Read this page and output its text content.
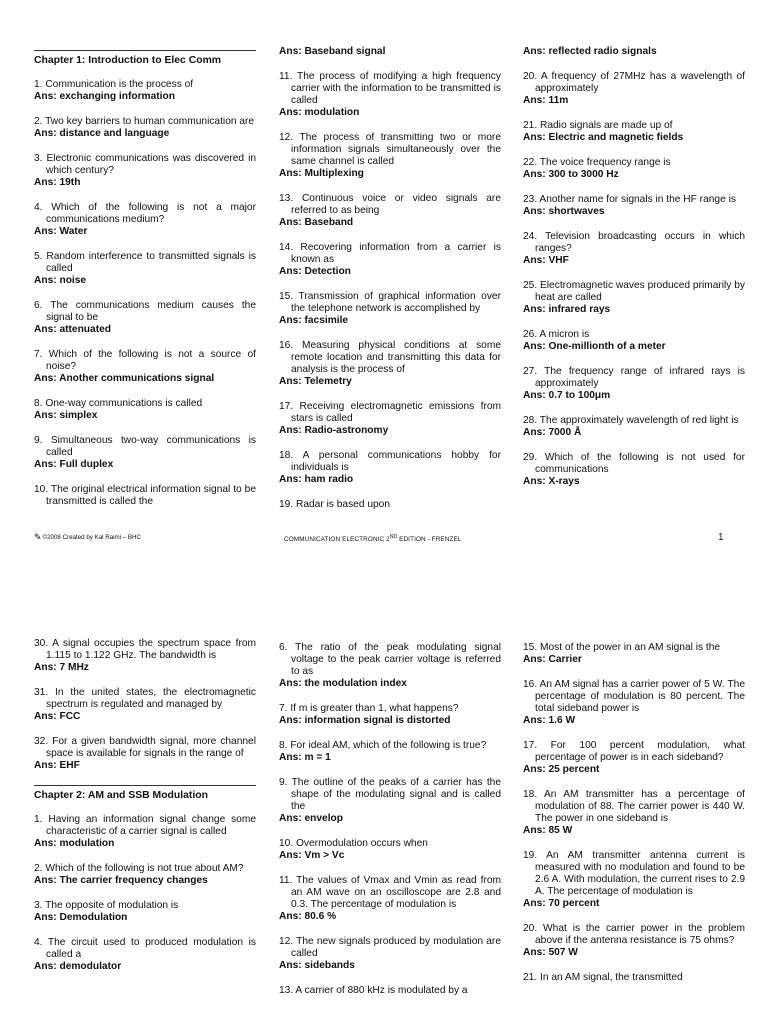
Chapter 1: Introduction to Elec Comm
1. Communication is the process of
Ans: exchanging information
2. Two key barriers to human communication are
Ans: distance and language
3. Electronic communications was discovered in which century?
Ans: 19th
4. Which of the following is not a major communications medium?
Ans: Water
5. Random interference to transmitted signals is called
Ans: noise
6. The communications medium causes the signal to be
Ans: attenuated
7. Which of the following is not a source of noise?
Ans: Another communications signal
8. One-way communications is called
Ans: simplex
9. Simultaneous two-way communications is called
Ans: Full duplex
10. The original electrical information signal to be transmitted is called the
Ans: Baseband signal
11. The process of modifying a high frequency carrier with the information to be transmitted is called
Ans: modulation
12. The process of transmitting two or more information signals simultaneously over the same channel is called
Ans: Multiplexing
13. Continuous voice or video signals are referred to as being
Ans: Baseband
14. Recovering information from a carrier is known as
Ans: Detection
15. Transmission of graphical information over the telephone network is accomplished by
Ans: facsimile
16. Measuring physical conditions at some remote location and transmitting this data for analysis is the process of
Ans: Telemetry
17. Receiving electromagnetic emissions from stars is called
Ans: Radio-astronomy
18. A personal communications hobby for individuals is
Ans: ham radio
19. Radar is based upon
Ans: reflected radio signals
20. A frequency of 27MHz has a wavelength of approximately
Ans: 11m
21. Radio signals are made up of
Ans: Electric and magnetic fields
22. The voice frequency range is
Ans: 300 to 3000 Hz
23. Another name for signals in the HF range is
Ans: shortwaves
24. Television broadcasting occurs in which ranges?
Ans: VHF
25. Electromagnetic waves produced primarily by heat are called
Ans: infrared rays
26. A micron is
Ans: One-millionth of a meter
27. The frequency range of infrared rays is approximately
Ans: 0.7 to 100μm
28. The approximately wavelength of red light is
Ans: 7000 Å
29. Which of the following is not used for communications
Ans: X-rays
✎ ©2008 Created by Kal Raimi – BHC	COMMUNICATION ELECTRONIC 2ND EDITION - FRENZEL	1
30. A signal occupies the spectrum space from 1.115 to 1.122 GHz. The bandwidth is
Ans: 7 MHz
31. In the united states, the electromagnetic spectrum is regulated and managed by
Ans: FCC
32. For a given bandwidth signal, more channel space is available for signals in the range of
Ans: EHF
Chapter 2: AM and SSB Modulation
1. Having an information signal change some characteristic of a carrier signal is called
Ans: modulation
2. Which of the following is not true about AM?
Ans: The carrier frequency changes
3. The opposite of modulation is
Ans: Demodulation
4. The circuit used to produced modulation is called a
Ans: demodulator
6. The ratio of the peak modulating signal voltage to the peak carrier voltage is referred to as
Ans: the modulation index
7. If m is greater than 1, what happens?
Ans: information signal is distorted
8. For ideal AM, which of the following is true?
Ans: m = 1
9. The outline of the peaks of a carrier has the shape of the modulating signal and is called the
Ans: envelop
10. Overmodulation occurs when
Ans: Vm > Vc
11. The values of Vmax and Vmin as read from an AM wave on an oscilloscope are 2.8 and 0.3. The percentage of modulation is
Ans: 80.6 %
12. The new signals produced by modulation are called
Ans: sidebands
13. A carrier of 880 kHz is modulated by a
15. Most of the power in an AM signal is the
Ans: Carrier
16. An AM signal has a carrier power of 5 W. The percentage of modulation is 80 percent. The total sideband power is
Ans: 1.6 W
17. For 100 percent modulation, what percentage of power is in each sideband?
Ans: 25 percent
18. An AM transmitter has a percentage of modulation of 88. The carrier power is 440 W. The power in one sideband is
Ans: 85 W
19. An AM transmitter antenna current is measured with no modulation and found to be 2.6 A. With modulation, the current rises to 2.9 A. The percentage of modulation is
Ans: 70 percent
20. What is the carrier power in the problem above if the antenna resistance is 75 ohms?
Ans: 507 W
21. In an AM signal, the transmitted
